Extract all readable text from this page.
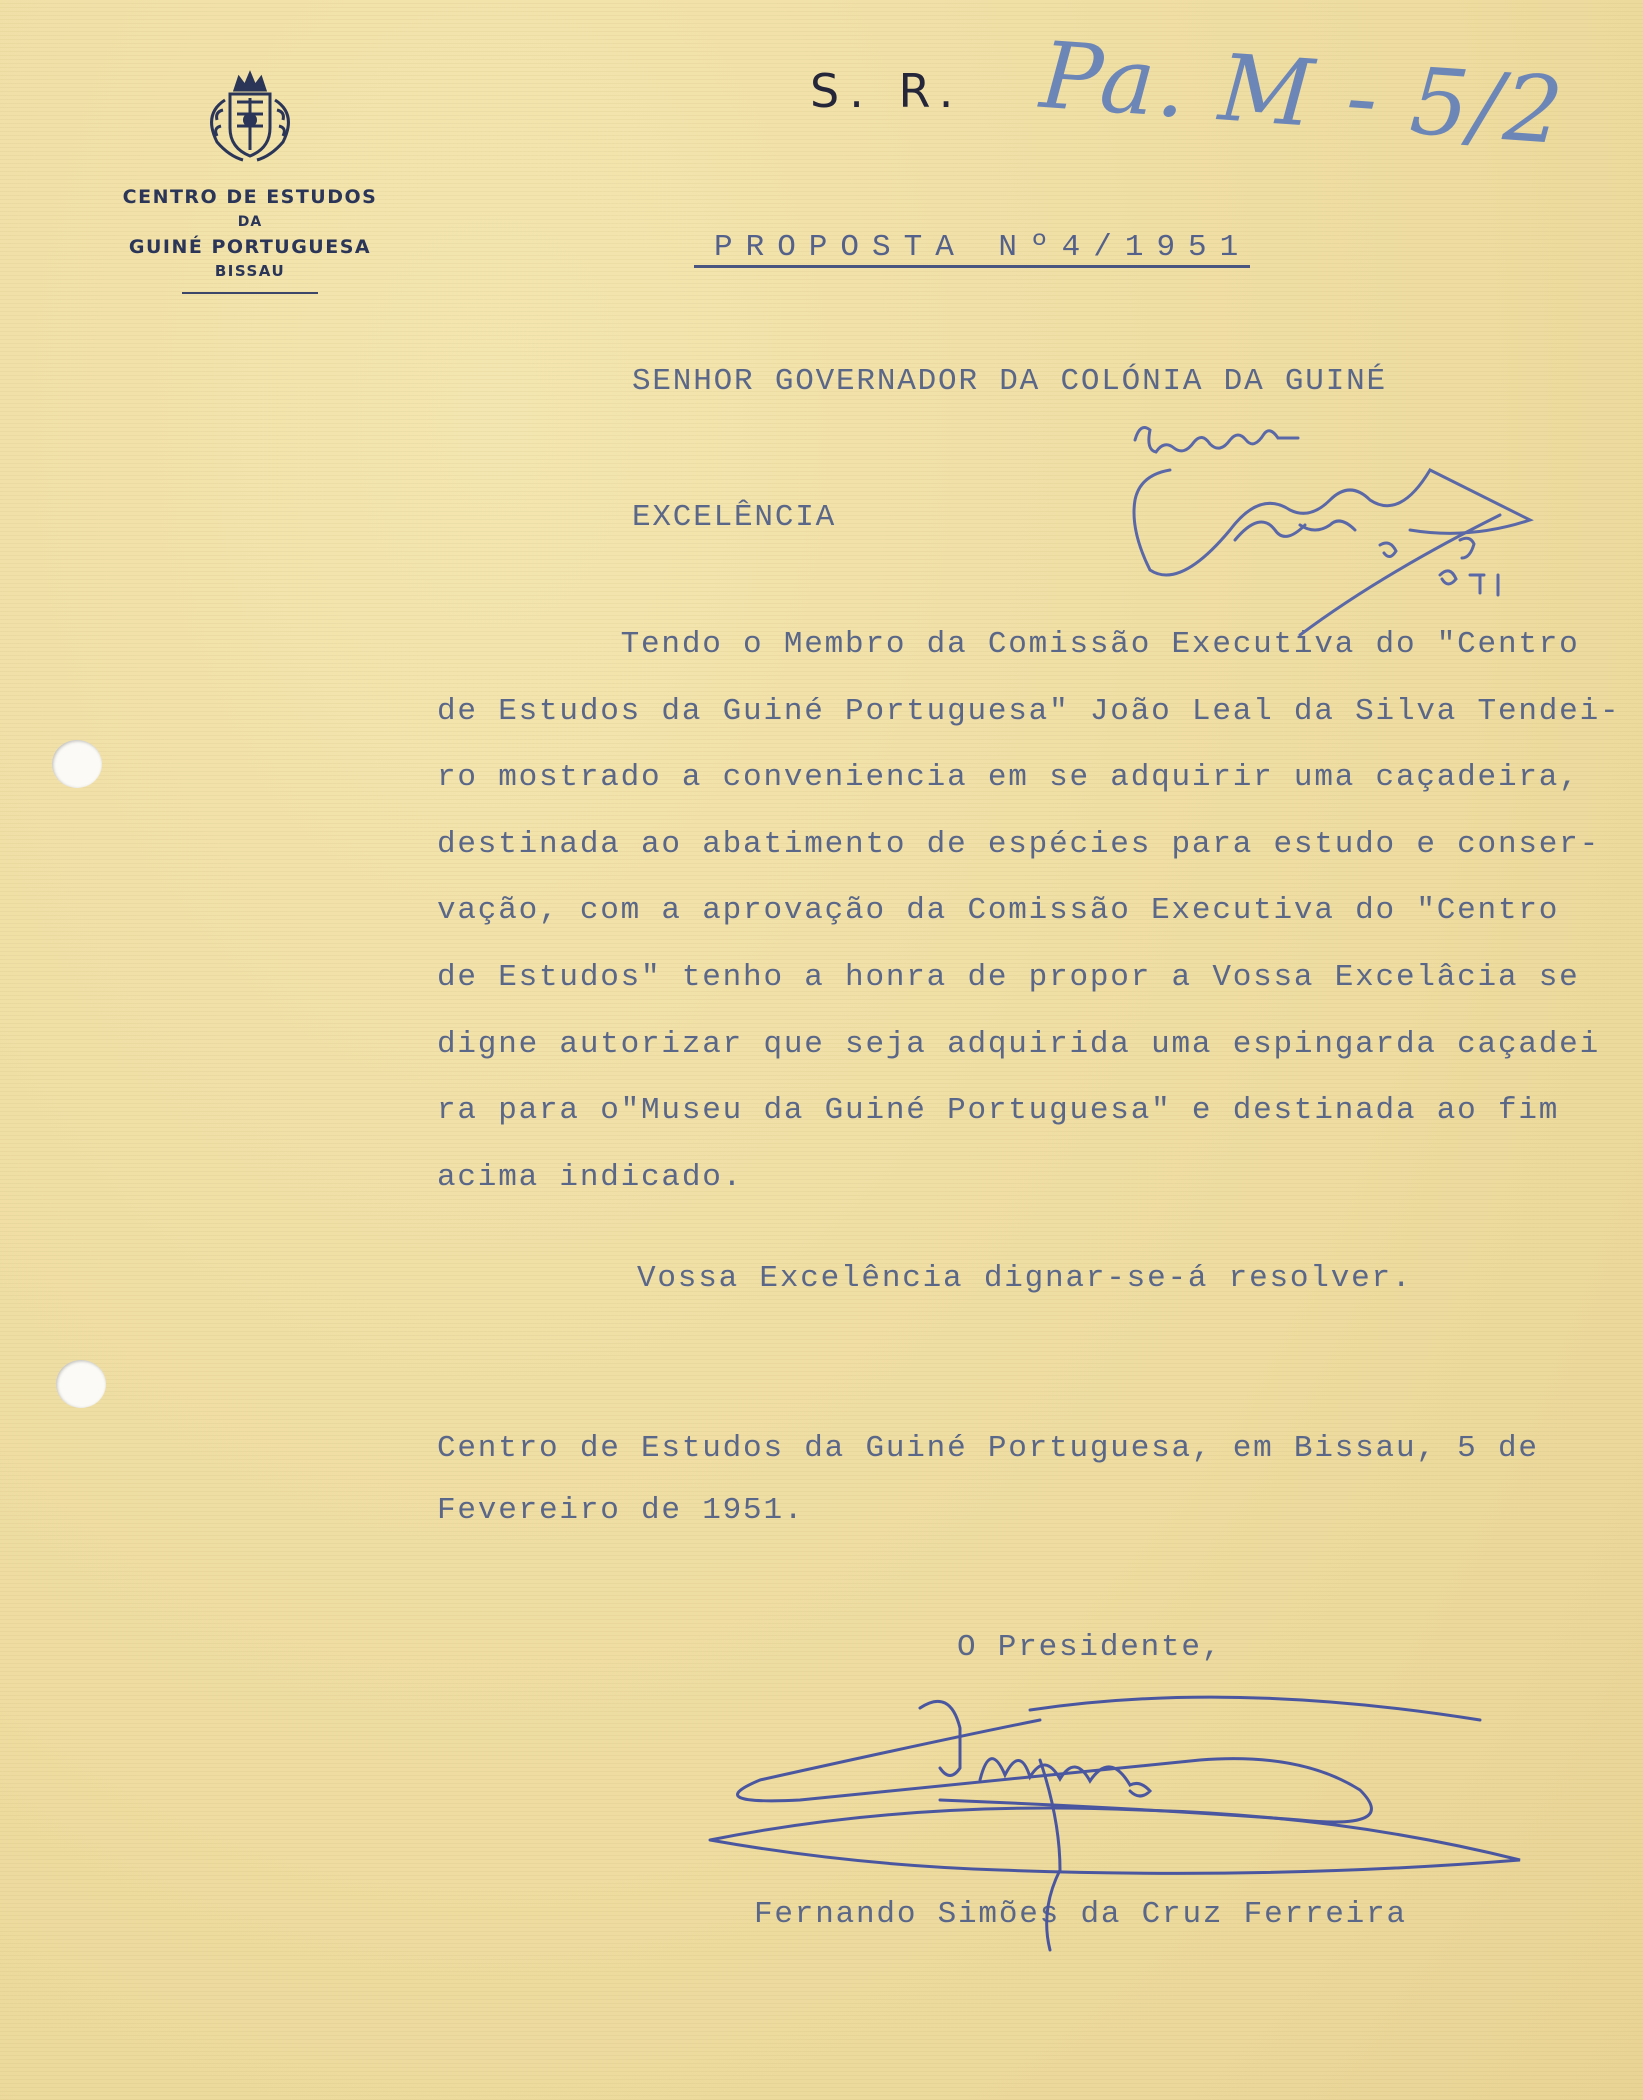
CENTRO DE ESTUDOS
DA
GUINÉ PORTUGUESA
BISSAU
S. R. Pa. M - 5/2
PROPOSTA Nº4/1951
SENHOR GOVERNADOR DA COLÓNIA DA GUINÉ
EXCELÊNCIA
Tendo o Membro da Comissão Executiva do "Centro
de Estudos da Guiné Portuguesa" João Leal da Silva Tendei-
ro mostrado a conveniencia em se adquirir uma caçadeira,
destinada ao abatimento de espécies para estudo e conser-
vação, com a aprovação da Comissão Executiva do "Centro
de Estudos" tenho a honra de propor a Vossa Excelâcia se
digne autorizar que seja adquirida uma espingarda caçadei
ra para o"Museu da Guiné Portuguesa" e destinada ao fim
acima indicado.
Vossa Excelência dignar-se-á resolver.
Centro de Estudos da Guiné Portuguesa, em Bissau, 5 de
Fevereiro de 1951.
O Presidente,
Fernando Simões da Cruz Ferreira
